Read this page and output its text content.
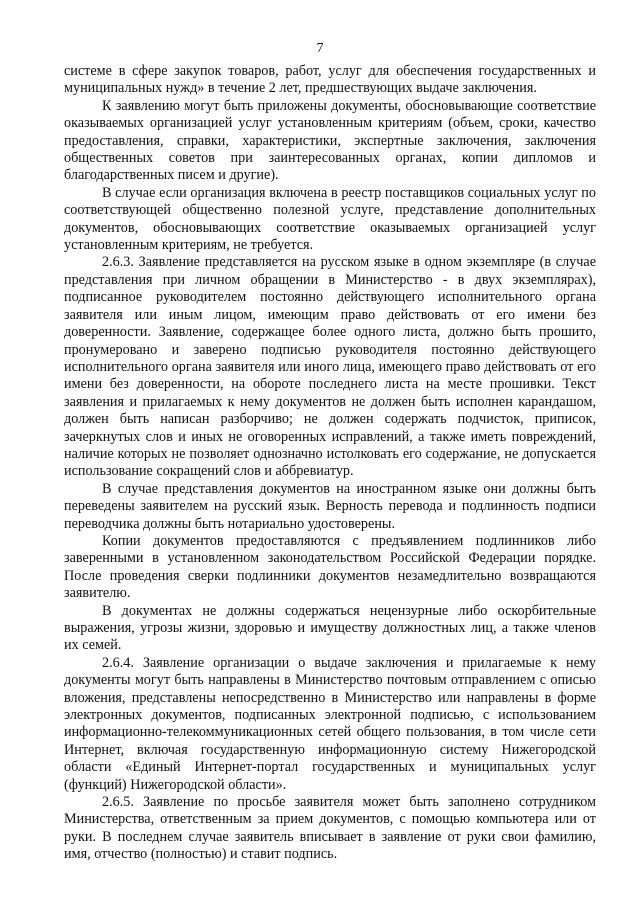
7

системе в сфере закупок товаров, работ, услуг для обеспечения государственных и муниципальных нужд» в течение 2 лет, предшествующих выдаче заключения.

К заявлению могут быть приложены документы, обосновывающие соответствие оказываемых организацией услуг установленным критериям (объем, сроки, качество предоставления, справки, характеристики, экспертные заключения, заключения общественных советов при заинтересованных органах, копии дипломов и благодарственных писем и другие).

В случае если организация включена в реестр поставщиков социальных услуг по соответствующей общественно полезной услуге, представление дополнительных документов, обосновывающих соответствие оказываемых организацией услуг установленным критериям, не требуется.

2.6.3. Заявление представляется на русском языке в одном экземпляре (в случае представления при личном обращении в Министерство - в двух экземплярах), подписанное руководителем постоянно действующего исполнительного органа заявителя или иным лицом, имеющим право действовать от его имени без доверенности. Заявление, содержащее более одного листа, должно быть прошито, пронумеровано и заверено подписью руководителя постоянно действующего исполнительного органа заявителя или иного лица, имеющего право действовать от его имени без доверенности, на обороте последнего листа на месте прошивки. Текст заявления и прилагаемых к нему документов не должен быть исполнен карандашом, должен быть написан разборчиво; не должен содержать подчисток, приписок, зачеркнутых слов и иных не оговоренных исправлений, а также иметь повреждений, наличие которых не позволяет однозначно истолковать его содержание, не допускается использование сокращений слов и аббревиатур.

В случае представления документов на иностранном языке они должны быть переведены заявителем на русский язык. Верность перевода и подлинность подписи переводчика должны быть нотариально удостоверены.

Копии документов предоставляются с предъявлением подлинников либо заверенными в установленном законодательством Российской Федерации порядке. После проведения сверки подлинники документов незамедлительно возвращаются заявителю.

В документах не должны содержаться нецензурные либо оскорбительные выражения, угрозы жизни, здоровью и имуществу должностных лиц, а также членов их семей.

2.6.4. Заявление организации о выдаче заключения и прилагаемые к нему документы могут быть направлены в Министерство почтовым отправлением с описью вложения, представлены непосредственно в Министерство или направлены в форме электронных документов, подписанных электронной подписью, с использованием информационно-телекоммуникационных сетей общего пользования, в том числе сети Интернет, включая государственную информационную систему Нижегородской области «Единый Интернет-портал государственных и муниципальных услуг (функций) Нижегородской области».

2.6.5. Заявление по просьбе заявителя может быть заполнено сотрудником Министерства, ответственным за прием документов, с помощью компьютера или от руки. В последнем случае заявитель вписывает в заявление от руки свои фамилию, имя, отчество (полностью) и ставит подпись.
